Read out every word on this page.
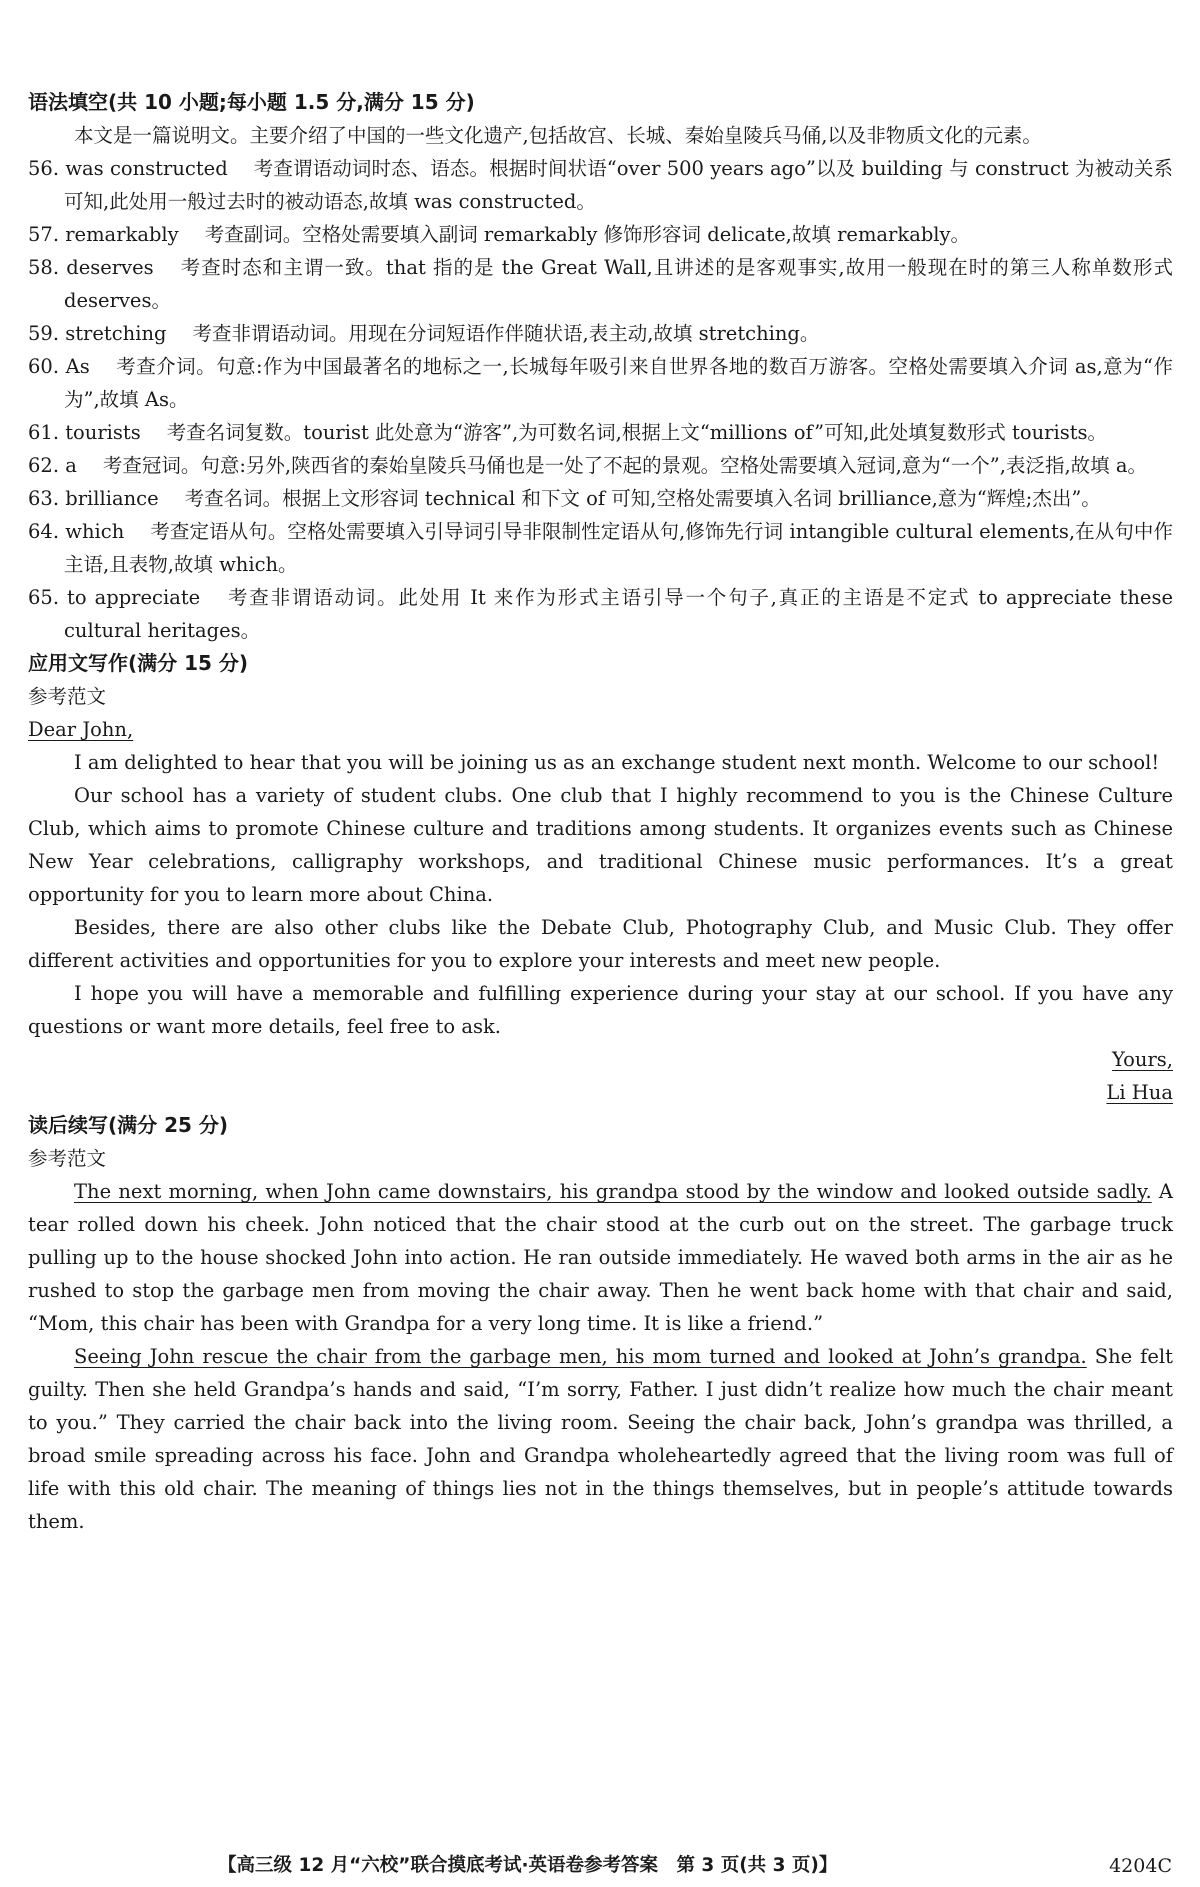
语法填空(共 10 小题;每小题 1.5 分,满分 15 分)
本文是一篇说明文。主要介绍了中国的一些文化遗产,包括故宫、长城、秦始皇陵兵马俑,以及非物质文化的元素。
56. was constructed 考查谓语动词时态、语态。根据时间状语“over 500 years ago”以及 building 与 construct 为被动关系可知,此处用一般过去时的被动语态,故填 was constructed。
57. remarkably 考查副词。空格处需要填入副词 remarkably 修饰形容词 delicate,故填 remarkably。
58. deserves 考查时态和主谓一致。that 指的是 the Great Wall,且讲述的是客观事实,故用一般现在时的第三人称单数形式 deserves。
59. stretching 考查非谓语动词。用现在分词短语作伴随状语,表主动,故填 stretching。
60. As 考查介词。句意:作为中国最著名的地标之一,长城每年吸引来自世界各地的数百万游客。空格处需要填入介词 as,意为“作为”,故填 As。
61. tourists 考查名词复数。tourist 此处意为“游客”,为可数名词,根据上文“millions of”可知,此处填复数形式 tourists。
62. a 考查冠词。句意:另外,陕西省的秦始皇陵兵马俑也是一处了不起的景观。空格处需要填入冠词,意为“一个”,表泛指,故填 a。
63. brilliance 考查名词。根据上文形容词 technical 和下文 of 可知,空格处需要填入名词 brilliance,意为“辉煌;杰出”。
64. which 考查定语从句。空格处需要填入引导词引导非限制性定语从句,修饰先行词 intangible cultural elements,在从句中作主语,且表物,故填 which。
65. to appreciate 考查非谓语动词。此处用 It 来作为形式主语引导一个句子,真正的主语是不定式 to appreciate these cultural heritages。
应用文写作(满分 15 分)
参考范文
Dear John,
I am delighted to hear that you will be joining us as an exchange student next month. Welcome to our school!
Our school has a variety of student clubs. One club that I highly recommend to you is the Chinese Culture Club, which aims to promote Chinese culture and traditions among students. It organizes events such as Chinese New Year celebrations, calligraphy workshops, and traditional Chinese music performances. It’s a great opportunity for you to learn more about China.
Besides, there are also other clubs like the Debate Club, Photography Club, and Music Club. They offer different activities and opportunities for you to explore your interests and meet new people.
I hope you will have a memorable and fulfilling experience during your stay at our school. If you have any questions or want more details, feel free to ask.
Yours,
Li Hua
读后续写(满分 25 分)
参考范文
The next morning, when John came downstairs, his grandpa stood by the window and looked outside sadly. A tear rolled down his cheek. John noticed that the chair stood at the curb out on the street. The garbage truck pulling up to the house shocked John into action. He ran outside immediately. He waved both arms in the air as he rushed to stop the garbage men from moving the chair away. Then he went back home with that chair and said, “Mom, this chair has been with Grandpa for a very long time. It is like a friend.”
Seeing John rescue the chair from the garbage men, his mom turned and looked at John’s grandpa. She felt guilty. Then she held Grandpa’s hands and said, “I’m sorry, Father. I just didn’t realize how much the chair meant to you.” They carried the chair back into the living room. Seeing the chair back, John’s grandpa was thrilled, a broad smile spreading across his face. John and Grandpa wholeheartedly agreed that the living room was full of life with this old chair. The meaning of things lies not in the things themselves, but in people’s attitude towards them.
【高三级 12 月“六校”联合摸底考试·英语卷参考答案　第 3 页(共 3 页)】	4204C
